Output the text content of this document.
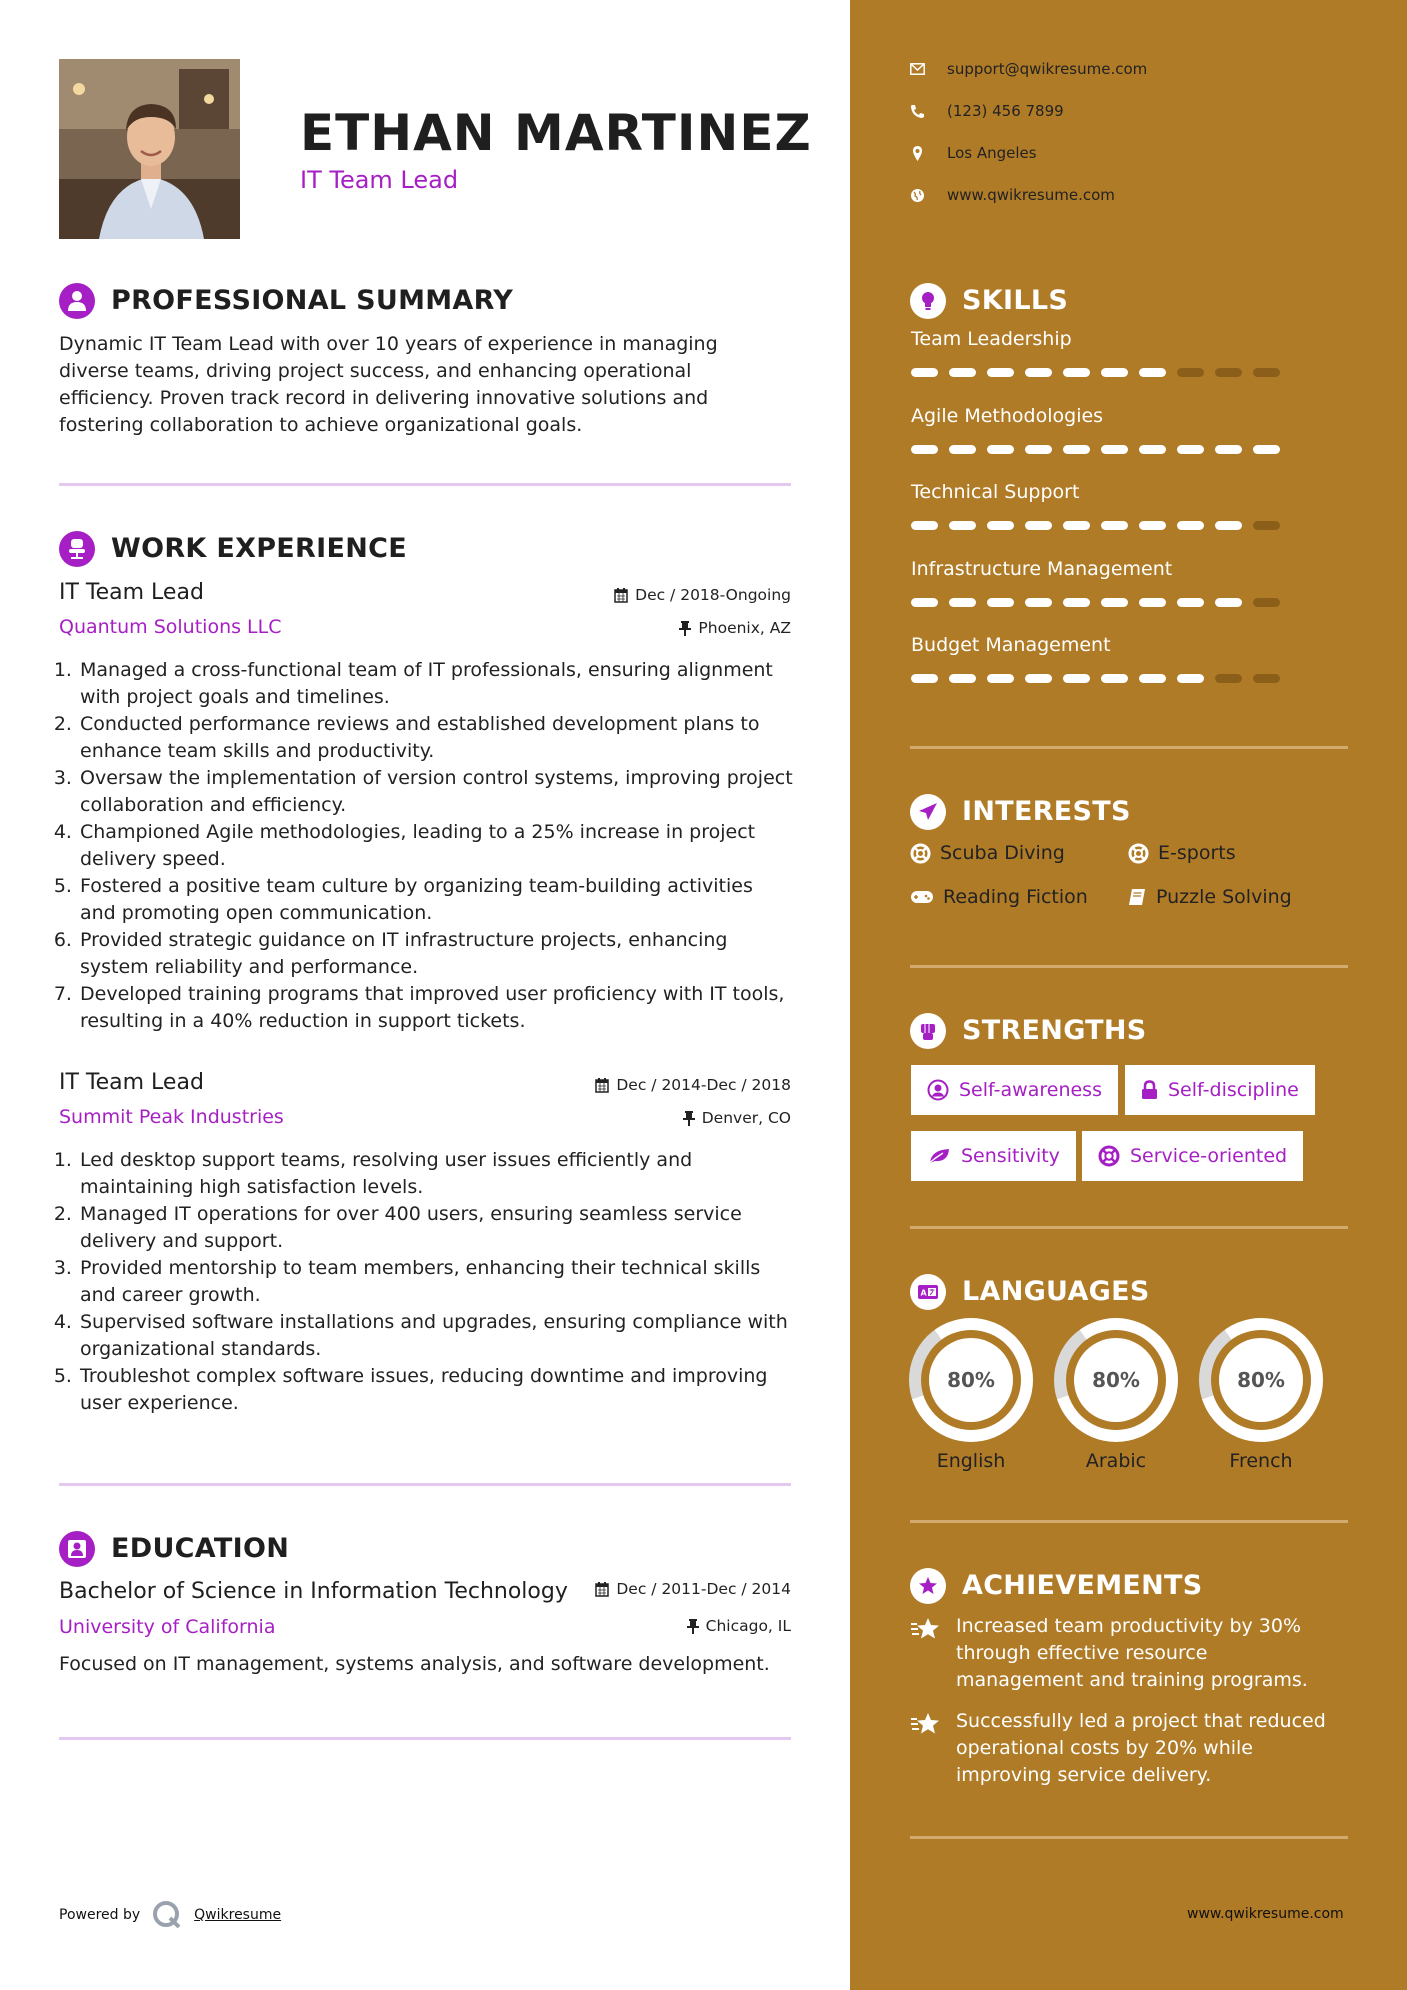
ETHAN MARTINEZ
IT Team Lead
PROFESSIONAL SUMMARY
Dynamic IT Team Lead with over 10 years of experience in managing diverse teams, driving project success, and enhancing operational efficiency. Proven track record in delivering innovative solutions and fostering collaboration to achieve organizational goals.
WORK EXPERIENCE
IT Team Lead	Dec / 2018-Ongoing
Quantum Solutions LLC	Phoenix, AZ
1. Managed a cross-functional team of IT professionals, ensuring alignment with project goals and timelines.
2. Conducted performance reviews and established development plans to enhance team skills and productivity.
3. Oversaw the implementation of version control systems, improving project collaboration and efficiency.
4. Championed Agile methodologies, leading to a 25% increase in project delivery speed.
5. Fostered a positive team culture by organizing team-building activities and promoting open communication.
6. Provided strategic guidance on IT infrastructure projects, enhancing system reliability and performance.
7. Developed training programs that improved user proficiency with IT tools, resulting in a 40% reduction in support tickets.
IT Team Lead	Dec / 2014-Dec / 2018
Summit Peak Industries	Denver, CO
1. Led desktop support teams, resolving user issues efficiently and maintaining high satisfaction levels.
2. Managed IT operations for over 400 users, ensuring seamless service delivery and support.
3. Provided mentorship to team members, enhancing their technical skills and career growth.
4. Supervised software installations and upgrades, ensuring compliance with organizational standards.
5. Troubleshot complex software issues, reducing downtime and improving user experience.
EDUCATION
Bachelor of Science in Information Technology	Dec / 2011-Dec / 2014
University of California	Chicago, IL
Focused on IT management, systems analysis, and software development.
Powered by	Qwikresume
support@qwikresume.com
(123) 456 7899
Los Angeles
www.qwikresume.com
SKILLS
Team Leadership
Agile Methodologies
Technical Support
Infrastructure Management
Budget Management
INTERESTS
Scuba Diving	E-sports
Reading Fiction	Puzzle Solving
STRENGTHS
Self-awareness	Self-discipline
Sensitivity	Service-oriented
A LANGUAGES
80%
English
80%
Arabic
80%
French
ACHIEVEMENTS
Increased team productivity by 30% through effective resource management and training programs.
Successfully led a project that reduced operational costs by 20% while improving service delivery.
www.qwikresume.com
